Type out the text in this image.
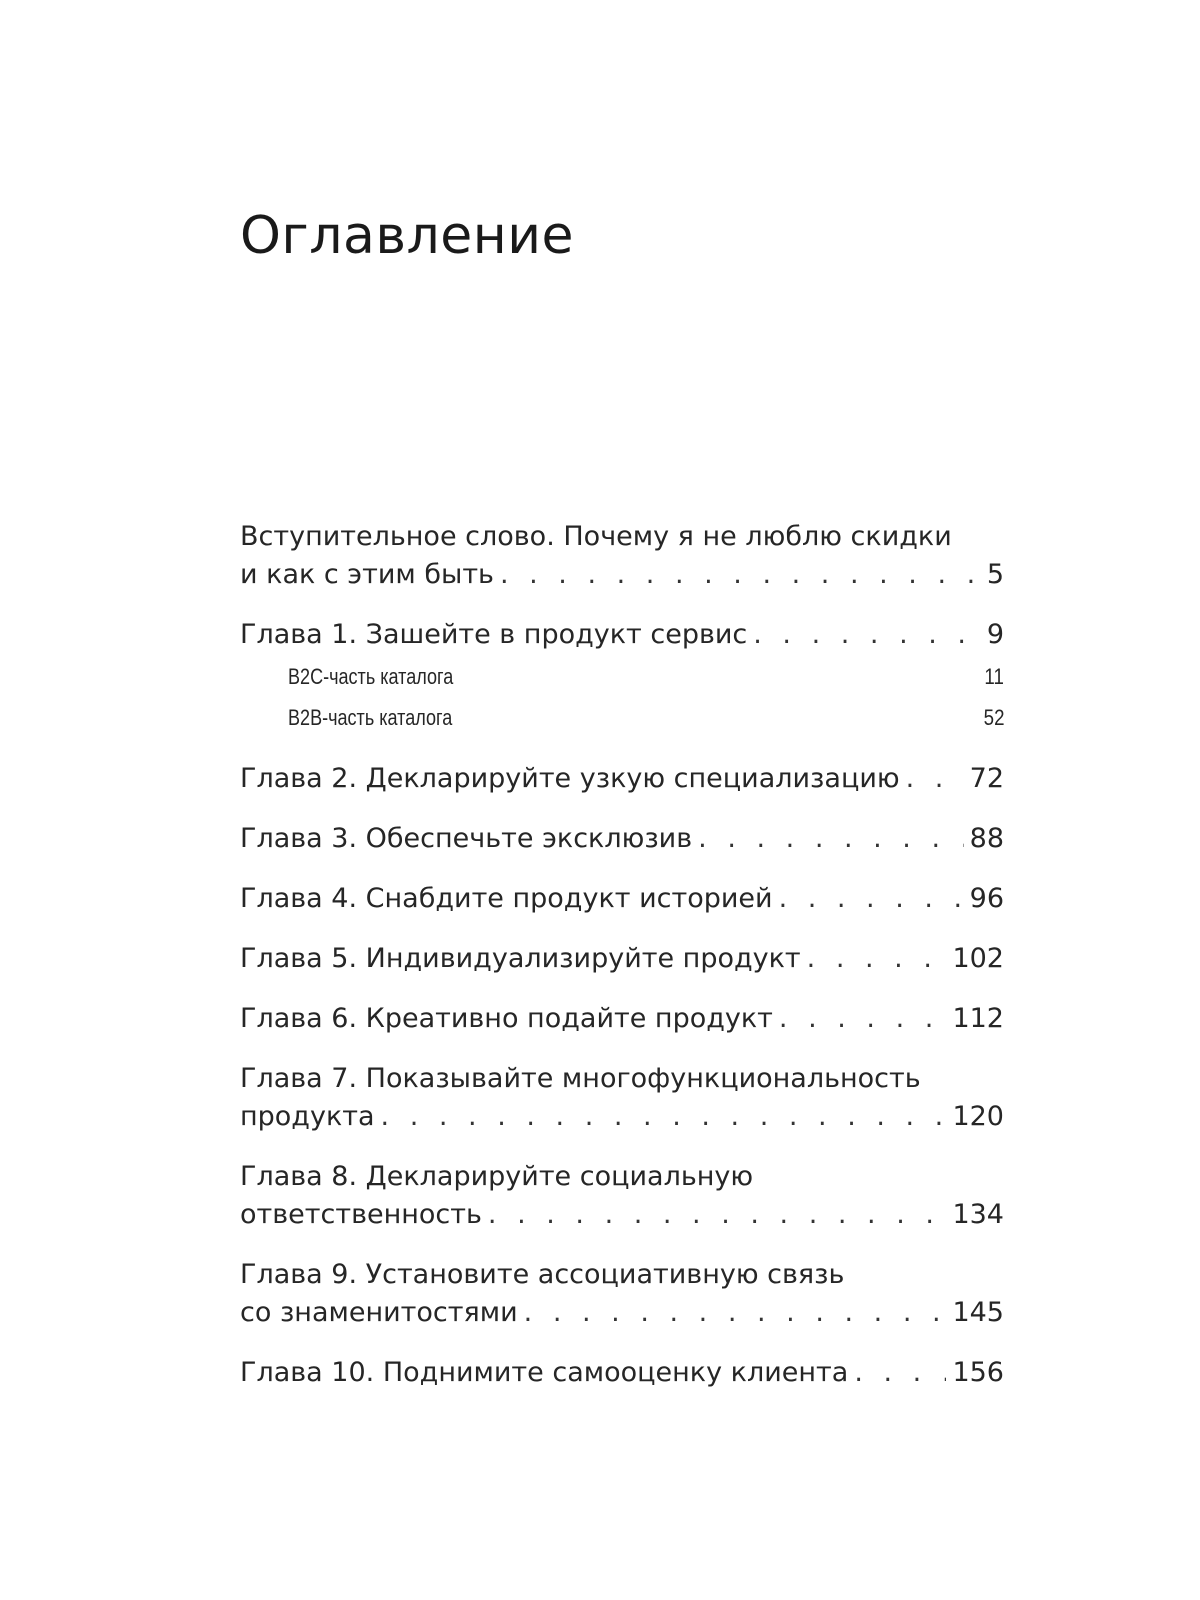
Оглавление
Вступительное слово. Почему я не люблю скидки
и как с этим быть . . .	5
Глава 1. Зашейте в продукт сервис . . .	9
B2C-часть каталога	11
B2B-часть каталога	52
Глава 2. Декларируйте узкую специализацию . . .	72
Глава 3. Обеспечьте эксклюзив . . .	88
Глава 4. Снабдите продукт историей . . .	96
Глава 5. Индивидуализируйте продукт . . .	102
Глава 6. Креативно подайте продукт . . .	112
Глава 7. Показывайте многофункциональность
продукта . . .	120
Глава 8. Декларируйте социальную
ответственность . . .	134
Глава 9. Установите ассоциативную связь
со знаменитостями . . .	145
Глава 10. Поднимите самооценку клиента . . .	156
